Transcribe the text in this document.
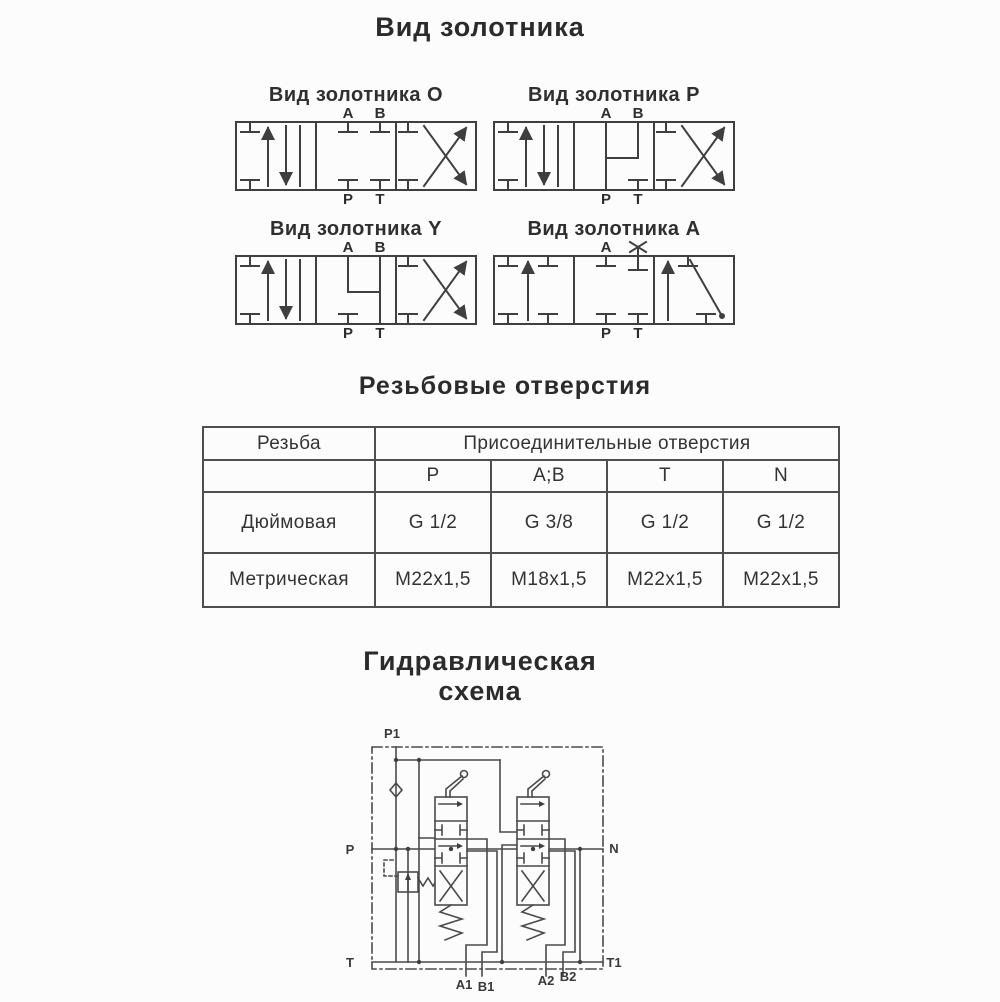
Вид золотника
Вид золотника O
A B
P T
Вид золотника P
A B
P T
Вид золотника Y
A B
P T
Вид золотника A
A
P T
Резьбовые отверстия
Резьба	Присоединительные отверстия			
	P	A;B	T	N
Дюймовая	G 1/2	G 3/8	G 1/2	G 1/2
Метрическая	M22x1,5	M18x1,5	M22x1,5	M22x1,5
Гидравлическая
схема
P1
P	N
T	T1
A1 B1	A2 B2
